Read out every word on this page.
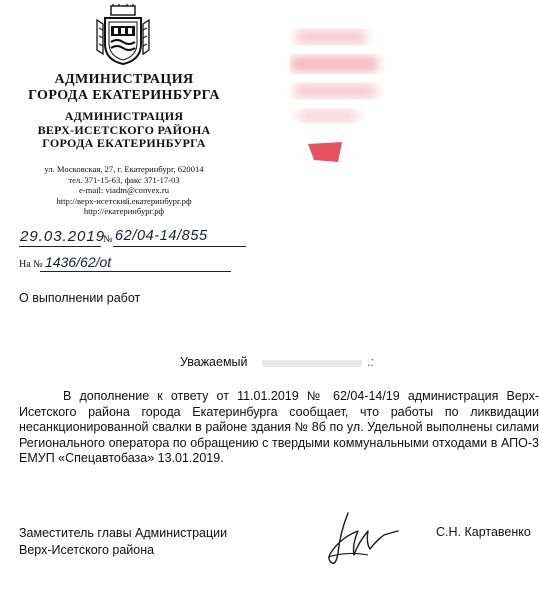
АДМИНИСТРАЦИЯ
ГОРОДА ЕКАТЕРИНБУРГА
АДМИНИСТРАЦИЯ
ВЕРХ-ИСЕТСКОГО РАЙОНА
ГОРОДА ЕКАТЕРИНБУРГА
ул. Московская, 27, г. Екатеринбург, 620014
тел. 371-15-63, факс 371-17-03
e-mail: viadm@convex.ru
http://верх-исетский.екатеринбург.рф
http://екатеринбург.рф
29.03.2019
№ 62/04-14/855
На № 1436/62/ot
О выполнении работ
Уважаемый	.:

В дополнение к ответу от 11.01.2019 № 62/04-14/19 администрация Верх-Исетского района города Екатеринбурга сообщает, что работы по ликвидации несанкционированной свалки в районе здания № 8б по ул. Удельной выполнены силами Регионального оператора по обращению с твердыми коммунальными отходами в АПО-3 ЕМУП «Спецавтобаза» 13.01.2019.

Заместитель главы Администрации
Верх-Исетского района
С.Н. Картавенко
